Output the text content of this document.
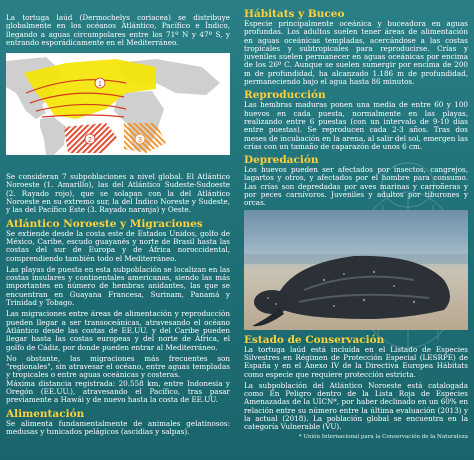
La tortuga laúd (Dermochelys coriacea) se distribuye globalmente en los océanos Atlántico, Pacífico e Índico, llegando a aguas circumpolares entre los 71º N y 47º S, y entrando esporádicamente en el Mediterráneo.

1
2	3

Se consideran 7 subpoblaciones a nivel global. El Atlántico Noroeste (1. Amarillo), las del Atlántico Sudeste-Sudoeste (2. Rayado rojo), que se solapan con la del Atlántico Noroeste en su extremo sur, la del Índico Noreste y Sudeste, y las del Pacífico Este (3. Rayado naranja) y Oeste.

Atlántico Noroeste y Migraciones

Se extiende desde la costa este de Estados Unidos, golfo de México, Caribe, escudo guayanés y norte de Brasil hasta las costas del sur de Europa y de África noroccidental, comprendiendo también todo el Mediterráneo.

Las playas de puesta en esta subpoblación se localizan en las costas insulares y continentales americanas, siendo las más importantes en número de hembras anidantes, las que se encuentran en Guayana Francesa, Surinam, Panamá y Trinidad y Tobago.

Las migraciones entre áreas de alimentación y reproducción pueden llegar a ser transoceánicas, atravesando el océano Atlántico desde las costas de EE.UU. y del Caribe pueden llegar hasta las costas europeas y del norte de África, el golfo de Cádiz, por donde pueden entrar al Mediterráneo.

No obstante, las migraciones más frecuentes son "regionales", sin atravesar el océano, entre aguas templadas y tropicales o entre aguas oceánicas y costeras.

Máxima distancia registrada: 20.558 km, entre Indonesia y Oregón (EE.UU.), atravesando el Pacífico, tras pasar previamente a Hawái y de nuevo hasta la costa de EE.UU.

Alimentación

Se alimenta fundamentalmente de animales gelatinosos: medusas y tunicados pelágicos (ascidias y salpas).

Hábitats y Buceo

Especie principalmente oceánica y buceadora en aguas profundas. Los adultos suelen tener áreas de alimentación en aguas oceánicas templadas, acercándose a las costas tropicales y subtropicales para reproducirse. Crías y juveniles suelen permanecer en aguas oceánicas por encima de los 26º C. Aunque se suelen sumergir por encima de 200 m de profundidad, ha alcanzado 1.186 m de profundidad, permaneciendo bajo el agua hasta 86 minutos.

Reproducción

Las hembras maduras ponen una media de entre 60 y 100 huevos en cada puesta, normalmente en las playas, realizando entre 6 puestas (con un intervalo de 9-10 días entre puestas). Se reproducen cada 2-3 años. Tras dos meses de incubación en la arena, al salir del sol, emergen las crías con un tamaño de caparazón de unos 6 cm.

Depredación

Los huevos pueden ser afectados por insectos, cangrejos, lagartos y otros, y afectados por el hombre para consumo. Las crías son depredadas por aves marinas y carroñeras y por peces carnívoros. Juveniles y adultos por tiburones y orcas.

Estado de Conservación

La tortuga laúd está incluida en el Listado de Especies Silvestres en Régimen de Protección Especial (LESRPE) de España y en el Anexo IV de la Directiva Europea Hábitats como especie que requiere protección estricta.

La subpoblación del Atlántico Noroeste está catalogada como En Peligro dentro de la Lista Roja de Especies Amenazadas de la UICN*, por haber declinado en un 60% en relación entre su número entre la última evaluación (2013) y la actual (2018). La población global se encuentra en la categoría Vulnerable (VU).

* Unión Internacional para la Conservación de la Naturaleza
